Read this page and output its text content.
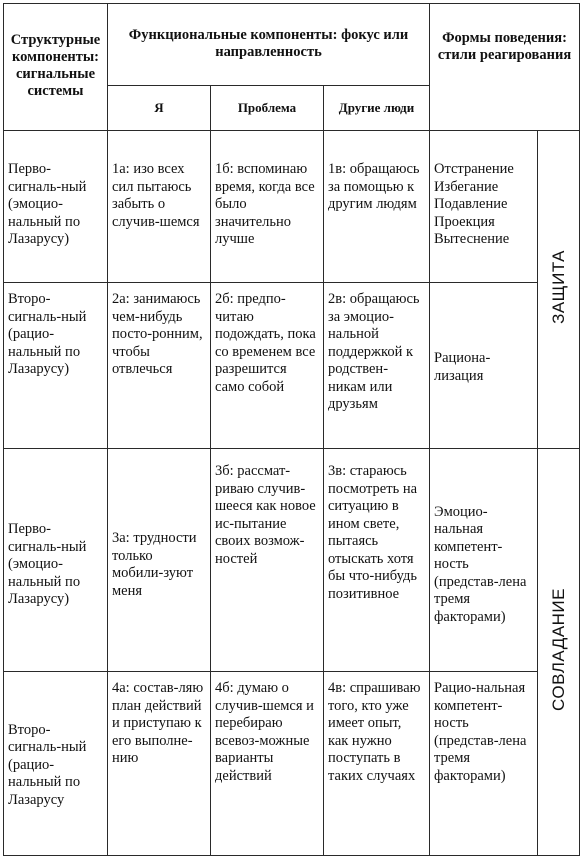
Структурные компоненты: сигнальные системы	Функциональные компоненты: фокус или направленность			Формы поведения: стили реагирования	
	Я	Проблема	Другие люди		
Перво-сигналь-ный (эмоцио-нальный по Лазарусу)	1а: изо всех сил пытаюсь забыть о случив-шемся	1б: вспоминаю время, когда все было значительно лучше	1в: обращаюсь за помощью к другим людям	Отстранение Избегание Подавление Проекция Вытеснение	ЗАЩИТА
Второ-сигналь-ный (рацио-нальный по Лазарусу)	2а: занимаюсь чем-нибудь посто-ронним, чтобы отвлечься	2б: предпо-читаю подождать, пока со временем все разрешится само собой	2в: обращаюсь за эмоцио-нальной поддержкой к родствен-никам или друзьям	Рациона-лизация	
Перво-сигналь-ный (эмоцио-нальный по Лазарусу)	3а: трудности только мобили-зуют меня	3б: рассмат-риваю случив-шееся как новое ис-пытание своих возмож-ностей	3в: стараюсь посмотреть на ситуацию в ином свете, пытаясь отыскать хотя бы что-нибудь позитивное	Эмоцио-нальная компетент-ность (представ-лена тремя факторами)	СОВЛАДАНИЕ
Второ-сигналь-ный (рацио-нальный по Лазарусу	4а: состав-ляю план действий и приступаю к его выполне-нию	4б: думаю о случив-шемся и перебираю всевоз-можные варианты действий	4в: спрашиваю того, кто уже имеет опыт, как нужно поступать в таких случаях	Рацио-нальная компетент-ность (представ-лена тремя факторами)	
